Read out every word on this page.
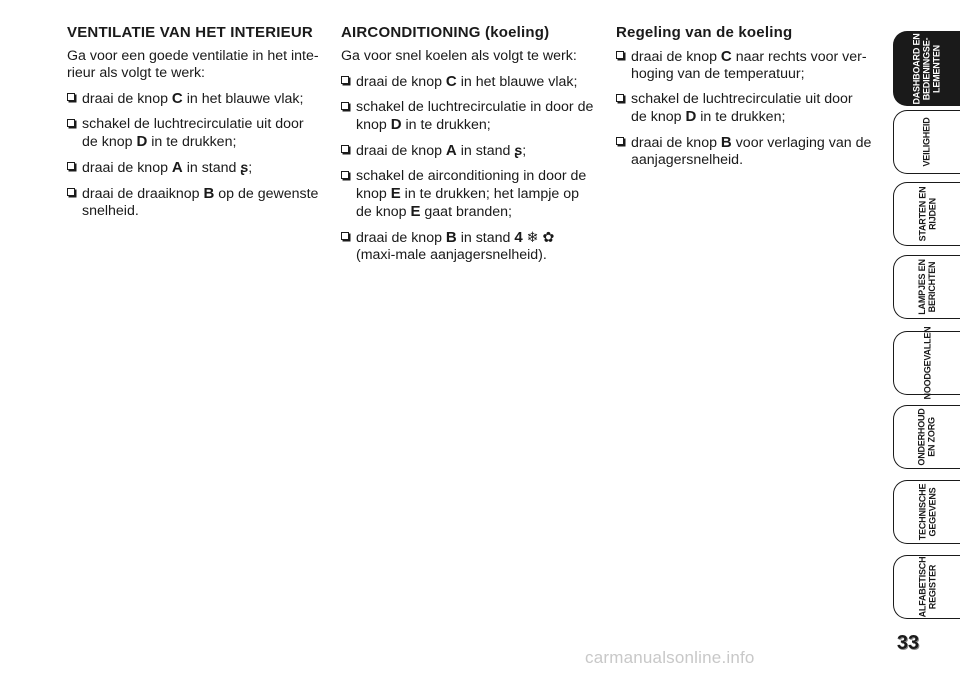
VENTILATIE VAN HET INTERIEUR

Ga voor een goede ventilatie in het inte-rieur als volgt te werk:

draai de knop C in het blauwe vlak;
schakel de luchtrecirculatie uit door de knop D in te drukken;
draai de knop A in stand ʂ;
draai de draaiknop B op de gewenste snelheid.
AIRCONDITIONING (koeling)

Ga voor snel koelen als volgt te werk:

draai de knop C in het blauwe vlak;
schakel de luchtrecirculatie in door de knop D in te drukken;
draai de knop A in stand ʂ;
schakel de airconditioning in door de knop E in te drukken; het lampje op de knop E gaat branden;
draai de knop B in stand 4 ❄ ✿ (maxi-male aanjagersnelheid).
Regeling van de koeling
draai de knop C naar rechts voor ver-hoging van de temperatuur;
schakel de luchtrecirculatie uit door de knop D in te drukken;
draai de knop B voor verlaging van de aanjagersnelheid.
DASHBOARD EN
BEDIENINGSE-
LEMENTEN
VEILIGHEID
STARTEN EN
RIJDEN
LAMPJES EN
BERICHTEN
NOODGEVALLEN
ONDERHOUD
EN ZORG
TECHNISCHE
GEGEVENS
ALFABETISCH
REGISTER
33
carmanualsonline.info
